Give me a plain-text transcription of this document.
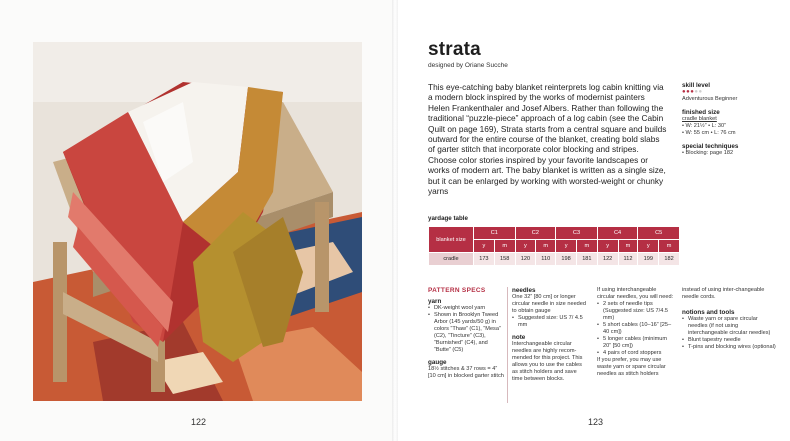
122
strata
designed by Oriane Sucche

This eye-catching baby blanket reinterprets log cabin knitting via a modern block inspired by the works of modernist painters Helen Frankenthaler and Josef Albers. Rather than following the traditional “puzzle-piece” approach of a log cabin (see the Cabin Quilt on page 169), Strata starts from a central square and builds outward for the entire course of the blanket, creating bold slabs of garter stitch that incorporate color blocking and stripes. Choose color stories inspired by your favorite landscapes or works of modern art. The baby blanket is written as a single size, but it can be enlarged by working with worsted-weight or chunky yarns

skill level
●●●●●
Adventurous Beginner
finished size
cradle blanket
• W: 21½” • L: 30”
• W: 55 cm • L: 76 cm
special techniques
• Blocking: page 182
yardage table
blanket size	C1		C2		C3		C4		C5	
	y	m	y	m	y	m	y	m	y	m
cradle	173	158	120	110	198	181	122	112	199	182
PATTERN SPECS
yarn
• DK-weight wool yarn
• Shown in Brooklyn Tweed Arbor (145 yards/50 g) in colors “Thaw” (C1), “Mesa” (C2), “Tincture” (C3), “Burnished” (C4), and “Butte” (C5)
gauge

18½ stitches & 37 rows = 4” [10 cm] in blocked garter stitch

needles

One 32” [80 cm] or longer circular needle in size needed to obtain gauge

• Suggested size: US 7/ 4.5 mm
note

Interchangeable circular needles are highly recom-mended for this project. This allows you to use the cables as stitch holders and save time between blocks.

If using interchangeable circular needles, you will need:

• 2 sets of needle tips (Suggested size: US 7/4.5 mm)
• 5 short cables (10–16” [25–40 cm])
• 5 longer cables (minimum 20” [50 cm])
• 4 pairs of cord stoppers

If you prefer, you may use waste yarn or spare circular needles as stitch holders

instead of using inter-changeable needle cords.

notions and tools
• Waste yarn or spare circular needles (if not using interchangeable circular needles)
• Blunt tapestry needle
• T-pins and blocking wires (optional)
123
